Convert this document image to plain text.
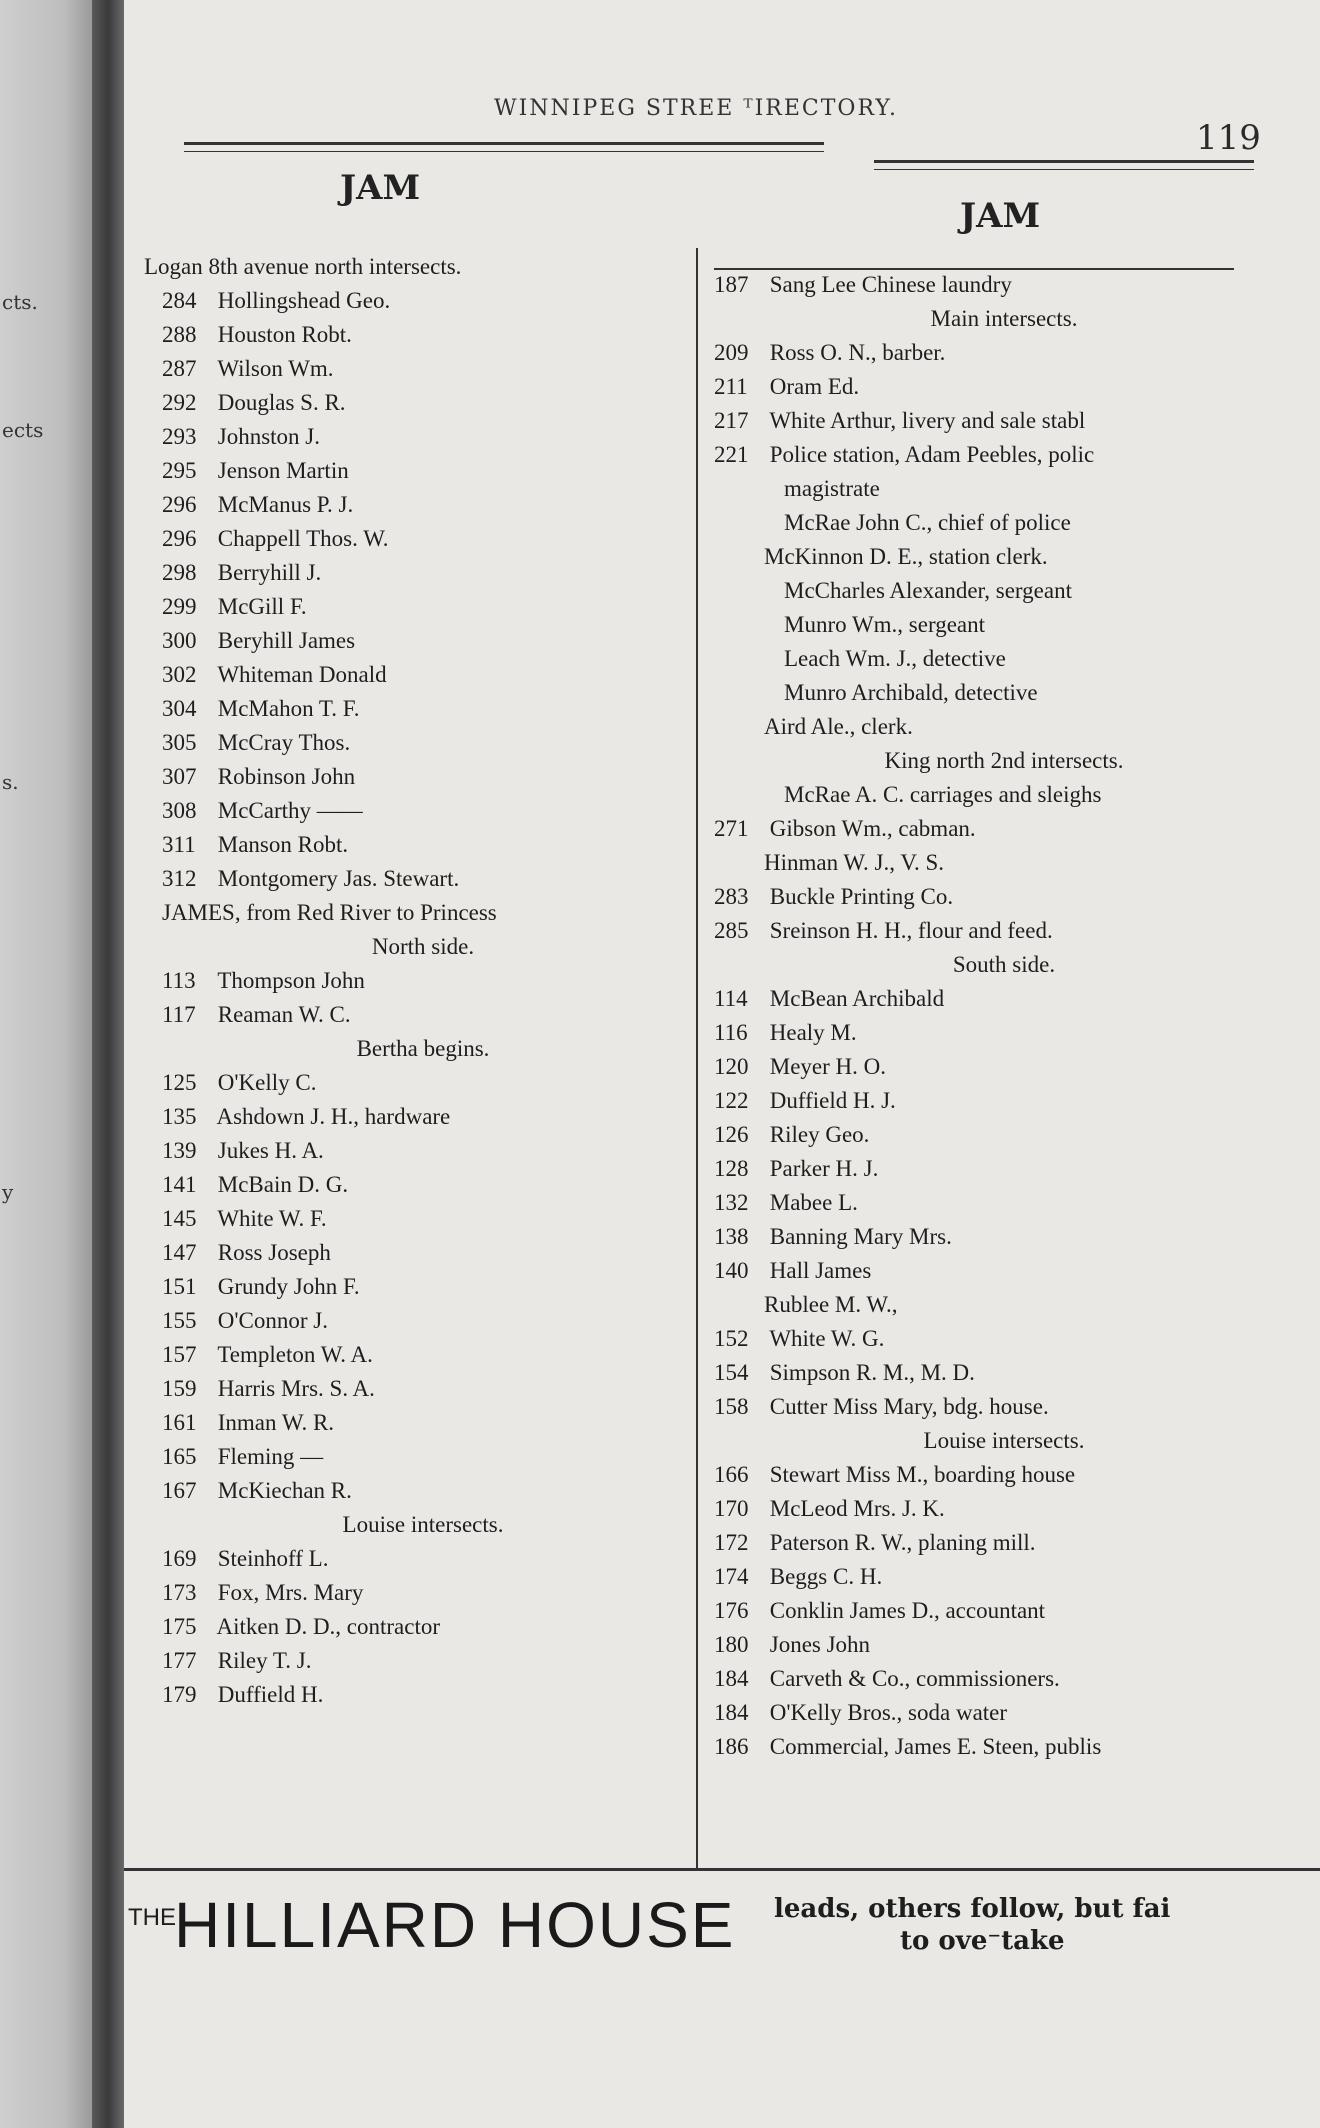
cts.
ects
s.
y
WINNIPEG STREE ᵀIRECTORY.
119
JAM
JAM
Logan 8th avenue north intersects.
284 Hollingshead Geo.
288 Houston Robt.
287 Wilson Wm.
292 Douglas S. R.
293 Johnston J.
295 Jenson Martin
296 McManus P. J.
296 Chappell Thos. W.
298 Berryhill J.
299 McGill F.
300 Beryhill James
302 Whiteman Donald
304 McMahon T. F.
305 McCray Thos.
307 Robinson John
308 McCarthy ——
311 Manson Robt.
312 Montgomery Jas. Stewart.
JAMES, from Red River to Princess
North side.
113 Thompson John
117 Reaman W. C.
Bertha begins.
125 O'Kelly C.
135 Ashdown J. H., hardware
139 Jukes H. A.
141 McBain D. G.
145 White W. F.
147 Ross Joseph
151 Grundy John F.
155 O'Connor J.
157 Templeton W. A.
159 Harris Mrs. S. A.
161 Inman W. R.
165 Fleming —
167 McKiechan R.
Louise intersects.
169 Steinhoff L.
173 Fox, Mrs. Mary
175 Aitken D. D., contractor
177 Riley T. J.
179 Duffield H.
187 Sang Lee Chinese laundry
Main intersects.
209 Ross O. N., barber.
211 Oram Ed.
217 White Arthur, livery and sale stabl
221 Police station, Adam Peebles, polic
magistrate
McRae John C., chief of police
McKinnon D. E., station clerk.
McCharles Alexander, sergeant
Munro Wm., sergeant
Leach Wm. J., detective
Munro Archibald, detective
Aird Ale., clerk.
King north 2nd intersects.
McRae A. C. carriages and sleighs
271 Gibson Wm., cabman.
Hinman W. J., V. S.
283 Buckle Printing Co.
285 Sreinson H. H., flour and feed.
South side.
114 McBean Archibald
116 Healy M.
120 Meyer H. O.
122 Duffield H. J.
126 Riley Geo.
128 Parker H. J.
132 Mabee L.
138 Banning Mary Mrs.
140 Hall James
Rublee M. W.,
152 White W. G.
154 Simpson R. M., M. D.
158 Cutter Miss Mary, bdg. house.
Louise intersects.
166 Stewart Miss M., boarding house
170 McLeod Mrs. J. K.
172 Paterson R. W., planing mill.
174 Beggs C. H.
176 Conklin James D., accountant
180 Jones John
184 Carveth & Co., commissioners.
184 O'Kelly Bros., soda water
186 Commercial, James E. Steen, publis
THE
HILLIARD HOUSE leads, others follow, but fai
to ove⁻take
